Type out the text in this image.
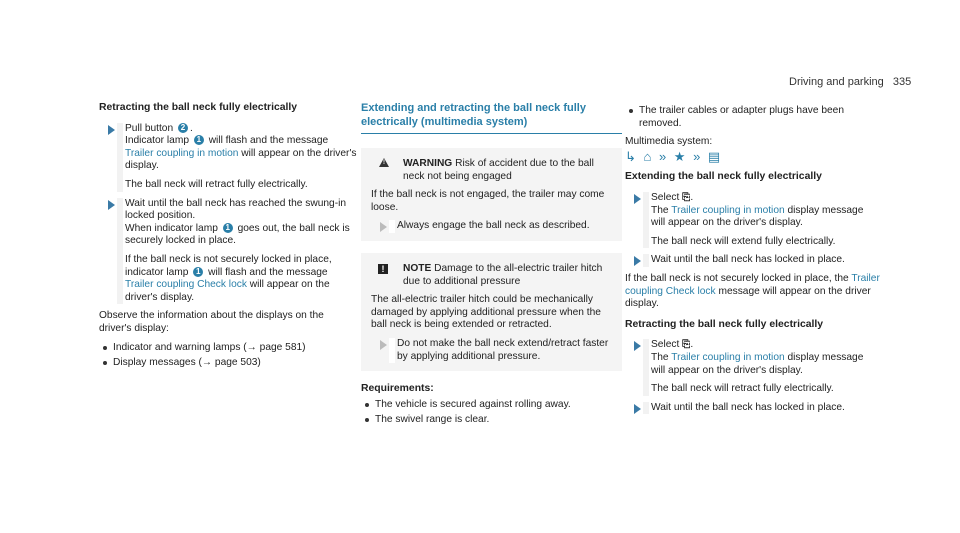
Driving and parking 335
Retracting the ball neck fully electrically
Pull button 2 .
Indicator lamp 1 will flash and the message Trailer coupling in motion will appear on the driver's display.
The ball neck will retract fully electrically.
Wait until the ball neck has reached the swung-in locked position.
When indicator lamp 1 goes out, the ball neck is securely locked in place.
If the ball neck is not securely locked in place, indicator lamp 1 will flash and the message Trailer coupling Check lock will appear on the driver's display.
Observe the information about the displays on the driver's display:
Indicator and warning lamps (→ page 581)
Display messages (→ page 503)
Extending and retracting the ball neck fully electrically (multimedia system)
! WARNING Risk of accident due to the ball neck not being engaged
If the ball neck is not engaged, the trailer may come loose.
Always engage the ball neck as described.
!	NOTE Damage to the all-electric trailer hitch due to additional pressure
The all-electric trailer hitch could be mechanically damaged by applying additional pressure when the ball neck is being extended or retracted.
Do not make the ball neck extend/retract faster by applying additional pressure.
Requirements:
The vehicle is secured against rolling away.
The swivel range is clear.
The trailer cables or adapter plugs have been removed.
Multimedia system:
↳ ⌂ » ★ » ▤
Extending the ball neck fully electrically
Select ⎘.
The Trailer coupling in motion display message will appear on the driver's display.
The ball neck will extend fully electrically.
Wait until the ball neck has locked in place.
If the ball neck is not securely locked in place, the Trailer coupling Check lock message will appear on the driver display.
Retracting the ball neck fully electrically
Select ⎘.
The Trailer coupling in motion display message will appear on the driver's display.
The ball neck will retract fully electrically.
Wait until the ball neck has locked in place.
